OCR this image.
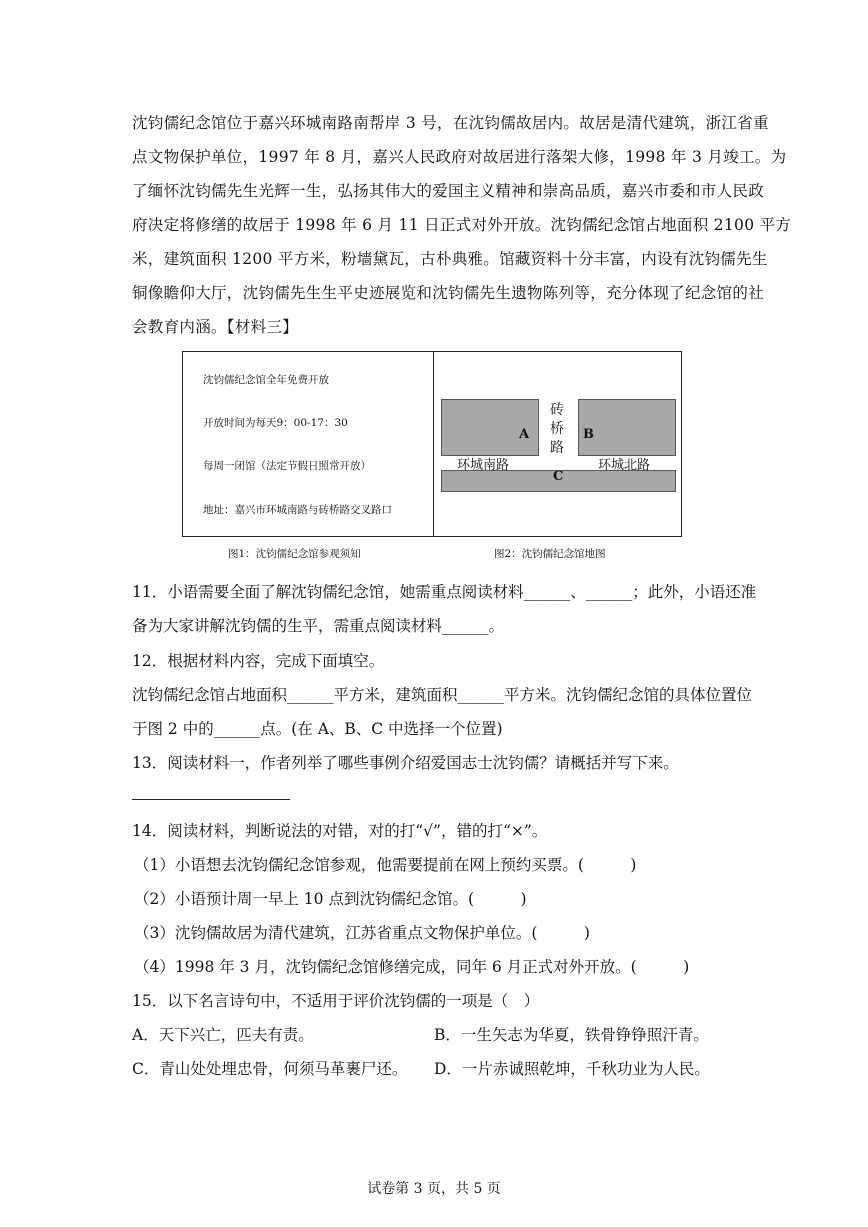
沈钧儒纪念馆位于嘉兴环城南路南帮岸 3 号，在沈钧儒故居内。故居是清代建筑，浙江省重
点文物保护单位，1997 年 8 月，嘉兴人民政府对故居进行落架大修，1998 年 3 月竣工。为
了缅怀沈钧儒先生光辉一生，弘扬其伟大的爱国主义精神和崇高品质，嘉兴市委和市人民政
府决定将修缮的故居于 1998 年 6 月 11 日正式对外开放。沈钧儒纪念馆占地面积 2100 平方
米，建筑面积 1200 平方米，粉墙黛瓦，古朴典雅。馆藏资料十分丰富，内设有沈钧儒先生
铜像瞻仰大厅，沈钧儒先生生平史迹展览和沈钧儒先生遗物陈列等，充分体现了纪念馆的社
会教育内涵。【材料三】
沈钧儒纪念馆全年免费开放
开放时间为每天9：00-17：30
每周一闭馆（法定节假日照常开放）
地址：嘉兴市环城南路与砖桥路交叉路口
A	B
C
砖
桥
路
环城南路	环城北路
图1：沈钧儒纪念馆参观须知	图2：沈钧儒纪念馆地图
11．小语需要全面了解沈钧儒纪念馆，她需重点阅读材料______、______；此外，小语还准
备为大家讲解沈钧儒的生平，需重点阅读材料______。
12．根据材料内容，完成下面填空。
沈钧儒纪念馆占地面积______平方米，建筑面积______平方米。沈钧儒纪念馆的具体位置位
于图 2 中的______点。(在 A、B、C 中选择一个位置)
13．阅读材料一，作者列举了哪些事例介绍爱国志士沈钧儒？请概括并写下来。
14．阅读材料，判断说法的对错，对的打“√”，错的打“×”。
（1）小语想去沈钧儒纪念馆参观，他需要提前在网上预约买票。(　　　)
（2）小语预计周一早上 10 点到沈钧儒纪念馆。(　　　)
（3）沈钧儒故居为清代建筑，江苏省重点文物保护单位。(　　　)
（4）1998 年 3 月，沈钧儒纪念馆修缮完成，同年 6 月正式对外开放。(　　　)
15．以下名言诗句中，不适用于评价沈钧儒的一项是（　）
A．天下兴亡，匹夫有责。	B．一生矢志为华夏，铁骨铮铮照汗青。
C．青山处处埋忠骨，何须马革裹尸还。 D．一片赤诚照乾坤，千秋功业为人民。
试卷第 3 页，共 5 页
